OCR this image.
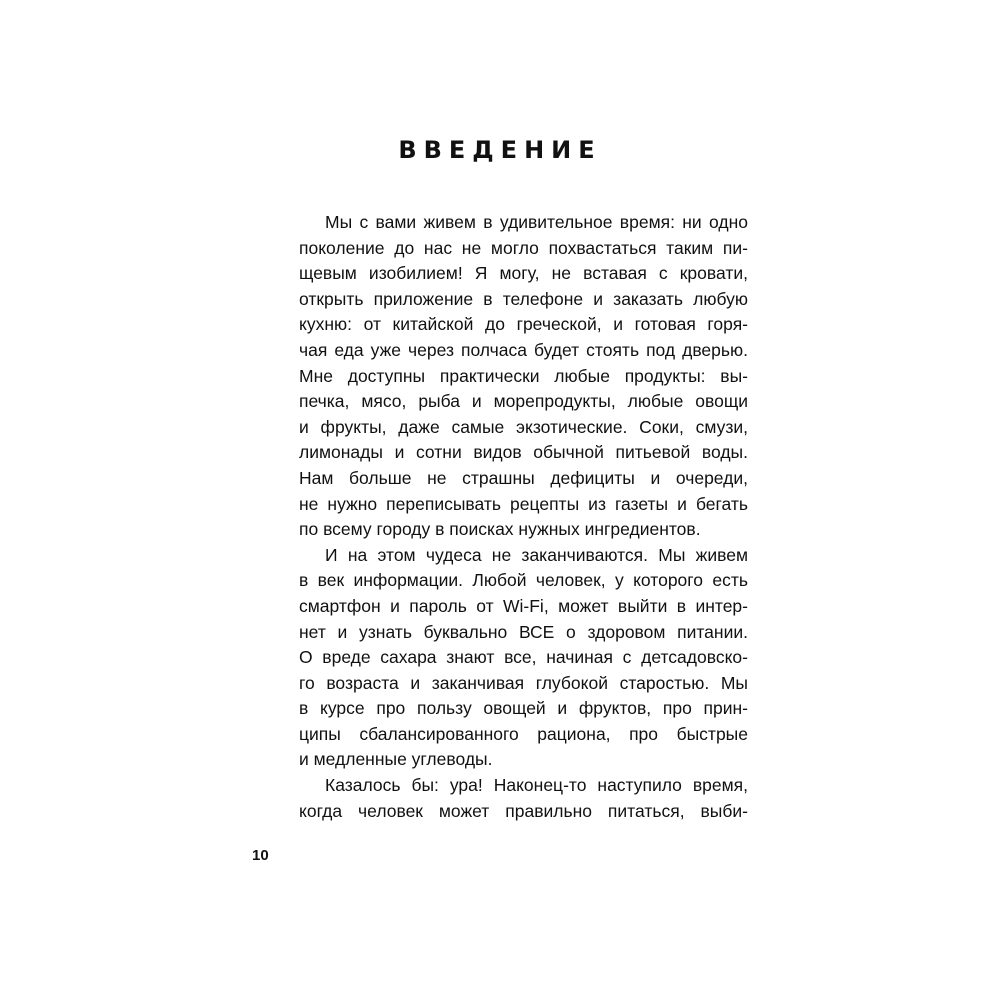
ВВЕДЕНИЕ
Мы с вами живем в удивительное время: ни одно
поколение до нас не могло похвастаться таким пи-
щевым изобилием! Я могу, не вставая с кровати,
открыть приложение в телефоне и заказать любую
кухню: от китайской до греческой, и готовая горя-
чая еда уже через полчаса будет стоять под дверью.
Мне доступны практически любые продукты: вы-
печка, мясо, рыба и морепродукты, любые овощи
и фрукты, даже самые экзотические. Соки, смузи,
лимонады и сотни видов обычной питьевой воды.
Нам больше не страшны дефициты и очереди,
не нужно переписывать рецепты из газеты и бегать
по всему городу в поисках нужных ингредиентов.
И на этом чудеса не заканчиваются. Мы живем
в век информации. Любой человек, у которого есть
смартфон и пароль от Wi-Fi, может выйти в интер-
нет и узнать буквально ВСЕ о здоровом питании.
О вреде сахара знают все, начиная с детсадовско-
го возраста и заканчивая глубокой старостью. Мы
в курсе про пользу овощей и фруктов, про прин-
ципы сбалансированного рациона, про быстрые
и медленные углеводы.
Казалось бы: ура! Наконец-то наступило время,
когда человек может правильно питаться, выби-
10
